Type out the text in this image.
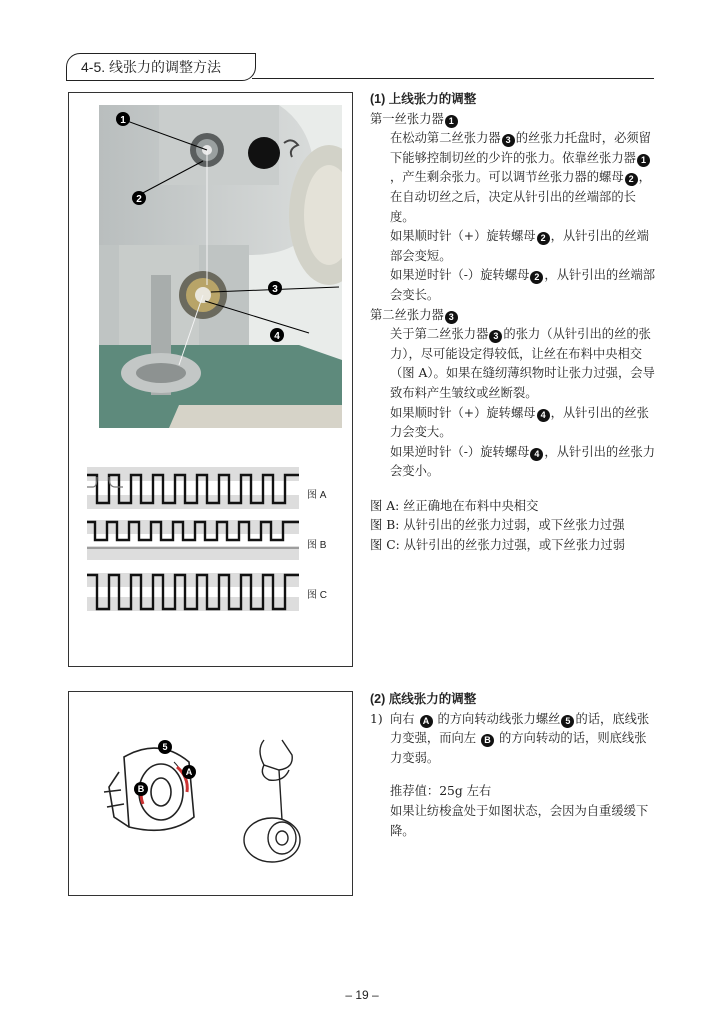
4-5. 线张力的调整方法
1
2
3
4
图 A
图 B
图 C
(1) 上线张力的调整
第一丝张力器 1
在松动第二丝张力器 3 的丝张力托盘时，必须留下能够控制切丝的少许的张力。依靠丝张力器 1，产生剩余张力。可以调节丝张力器的螺母 2 ，在自动切丝之后，决定从针引出的丝端部的长度。
如果顺时针（+）旋转螺母 2 ，从针引出的丝端部会变短。
如果逆时针（-）旋转螺母 2 ，从针引出的丝端部会变长。
第二丝张力器 3
关于第二丝张力器 3 的张力（从针引出的丝的张力），尽可能设定得较低，让丝在布料中央相交（图 A）。如果在缝纫薄织物时让张力过强，会导致布料产生皱纹或丝断裂。
如果顺时针（+）旋转螺母 4 ，从针引出的丝张力会变大。
如果逆时针（-）旋转螺母 4 ，从针引出的丝张力会变小。
图 A: 丝正确地在布料中央相交
图 B: 从针引出的丝张力过弱，或下丝张力过强
图 C: 从针引出的丝张力过强，或下丝张力过弱
5
A
B
(2) 底线张力的调整
1) 向右 A 的方向转动线张力螺丝 5 的话，底线张力变强，而向左 B 的方向转动的话，则底线张力变弱。
推荐值：25g 左右
如果让纺梭盒处于如图状态，会因为自重缓缓下降。
– 19 –
